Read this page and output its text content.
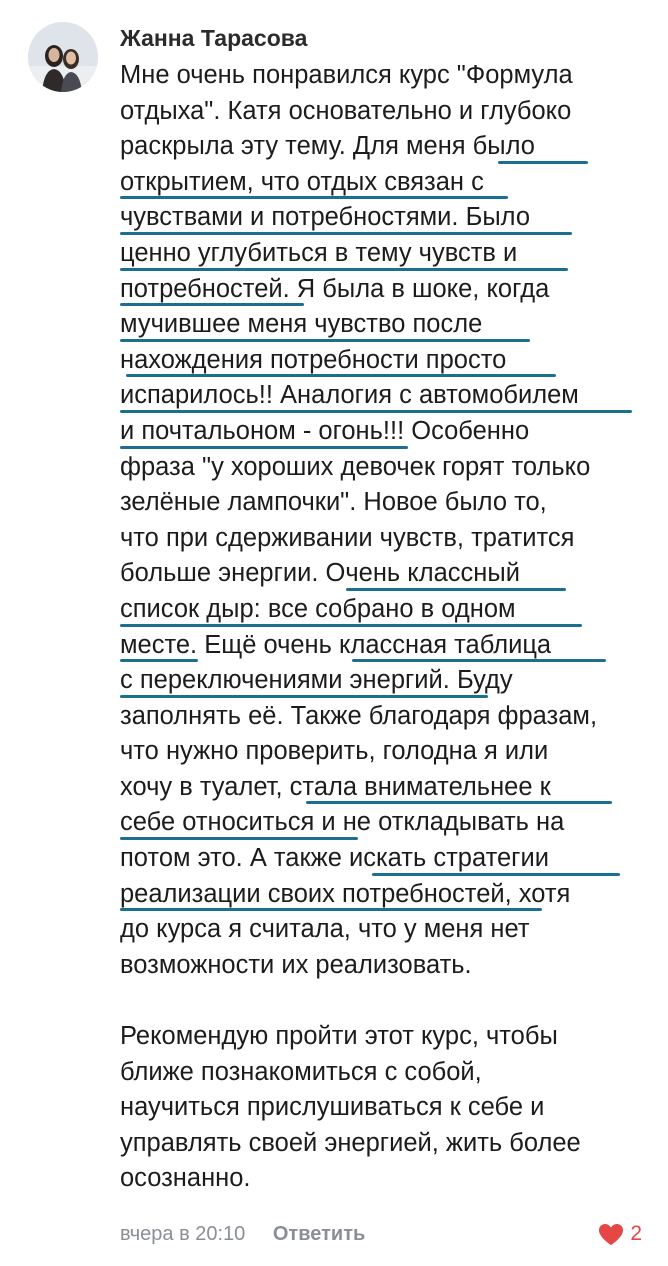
Жанна Тарасова
Мне очень понравился курс "Формула
отдыха". Катя основательно и глубоко
раскрыла эту тему. Для меня было
открытием, что отдых связан с
чувствами и потребностями. Было
ценно углубиться в тему чувств и
потребностей. Я была в шоке, когда
мучившее меня чувство после
нахождения потребности просто
испарилось!! Аналогия с автомобилем
и почтальоном - огонь!!! Особенно
фраза "у хороших девочек горят только
зелёные лампочки". Новое было то,
что при сдерживании чувств, тратится
больше энергии. Очень классный
список дыр: все собрано в одном
месте. Ещё очень классная таблица
с переключениями энергий. Буду
заполнять её. Также благодаря фразам,
что нужно проверить, голодна я или
хочу в туалет, стала внимательнее к
себе относиться и не откладывать на
потом это. А также искать стратегии
реализации своих потребностей, хотя
до курса я считала, что у меня нет
возможности их реализовать.
Рекомендую пройти этот курс, чтобы
ближе познакомиться с собой,
научиться прислушиваться к себе и
управлять своей энергией, жить более
осознанно.
вчера в 20:10 Ответить	2
